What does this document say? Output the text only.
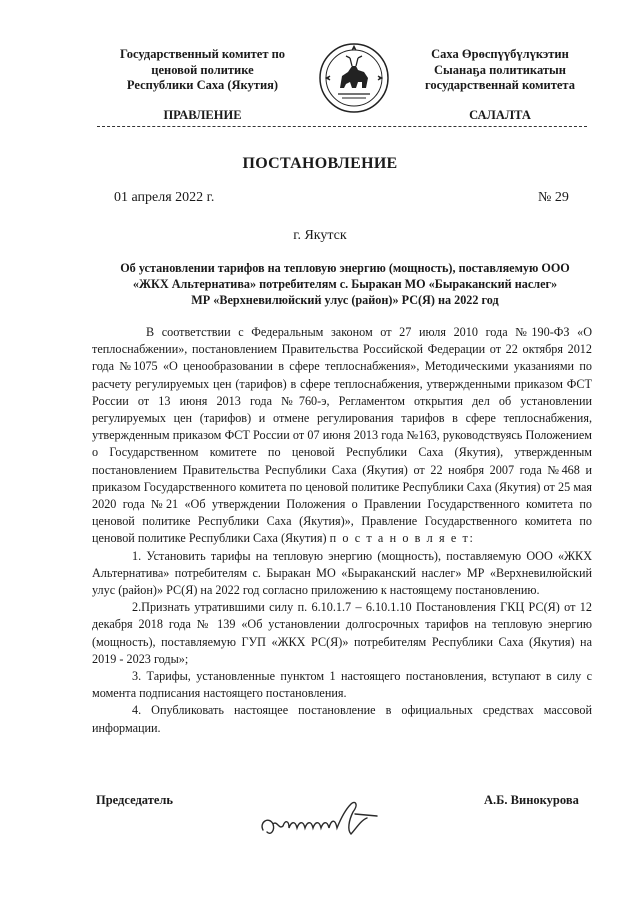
Государственный комитет по
ценовой политике
Республики Саха (Якутия)
Саха Өрөспүүбүлүкэтин
Сыанаҕа политикатын
государственнай комитета
ПРАВЛЕНИЕ	САЛАЛТА
ПОСТАНОВЛЕНИЕ
01 апреля 2022 г.	№ 29
г. Якутск
Об установлении тарифов на тепловую энергию (мощность), поставляемую ООО
«ЖКХ Альтернатива» потребителям с. Быракан МО «Быраканский наслег»
МР «Верхневилюйский улус (район)» РС(Я) на 2022 год

В соответствии с Федеральным законом от 27 июля 2010 года №190-ФЗ «О теплоснабжении», постановлением Правительства Российской Федерации от 22 октября 2012 года №1075 «О ценообразовании в сфере теплоснабжения», Методическими указаниями по расчету регулируемых цен (тарифов) в сфере теплоснабжения, утвержденными приказом ФСТ России от 13 июня 2013 года №760-э, Регламентом открытия дел об установлении регулируемых цен (тарифов) и отмене регулирования тарифов в сфере теплоснабжения, утвержденным приказом ФСТ России от 07 июня 2013 года №163, руководствуясь Положением о Государственном комитете по ценовой Республики Саха (Якутия), утвержденным постановлением Правительства Республики Саха (Якутия) от 22 ноября 2007 года №468 и приказом Государственного комитета по ценовой политике Республики Саха (Якутия) от 25 мая 2020 года №21 «Об утверждении Положения о Правлении Государственного комитета по ценовой политике Республики Саха (Якутия)», Правление Государственного комитета по ценовой политике Республики Саха (Якутия) п о с т а н о в л я е т:

1. Установить тарифы на тепловую энергию (мощность), поставляемую ООО «ЖКХ Альтернатива» потребителям с. Быракан МО «Быраканский наслег» МР «Верхневилюйский улус (район)» РС(Я) на 2022 год согласно приложению к настоящему постановлению.

2.Признать утратившими силу п. 6.10.1.7 – 6.10.1.10 Постановления ГКЦ РС(Я) от 12 декабря 2018 года № 139 «Об установлении долгосрочных тарифов на тепловую энергию (мощность), поставляемую ГУП «ЖКХ РС(Я)» потребителям Республики Саха (Якутия) на 2019 - 2023 годы»;

3. Тарифы, установленные пунктом 1 настоящего постановления, вступают в силу с момента подписания настоящего постановления.

4. Опубликовать настоящее постановление в официальных средствах массовой информации.

Председатель	А.Б. Винокурова
